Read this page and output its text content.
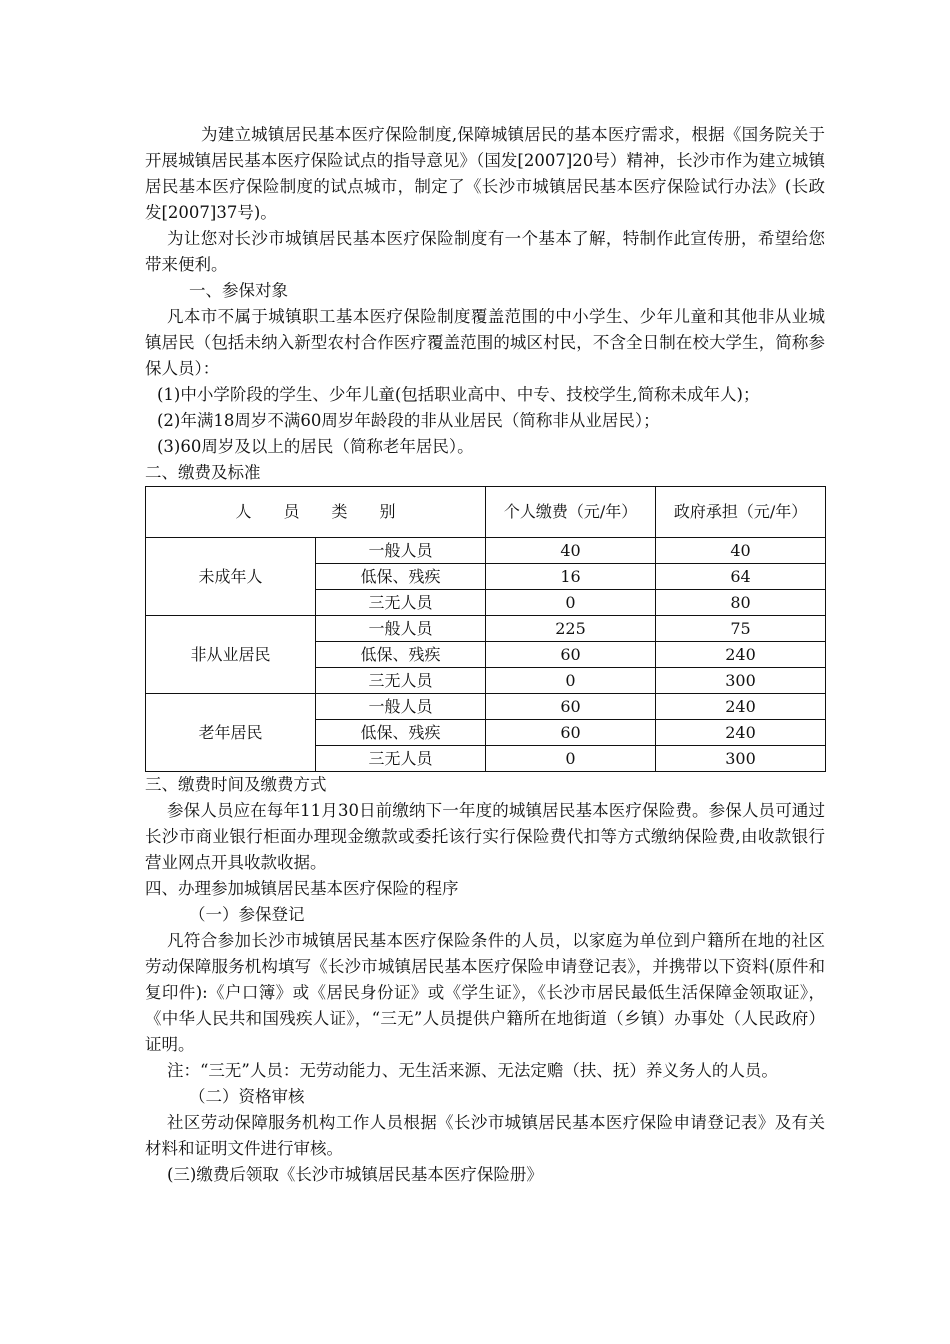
为建立城镇居民基本医疗保险制度,保障城镇居民的基本医疗需求，根据《国务院关于开展城镇居民基本医疗保险试点的指导意见》（国发[2007]20号）精神，长沙市作为建立城镇居民基本医疗保险制度的试点城市，制定了《长沙市城镇居民基本医疗保险试行办法》(长政发[2007]37号)。

为让您对长沙市城镇居民基本医疗保险制度有一个基本了解，特制作此宣传册，希望给您带来便利。

一、参保对象

凡本市不属于城镇职工基本医疗保险制度覆盖范围的中小学生、少年儿童和其他非从业城镇居民（包括未纳入新型农村合作医疗覆盖范围的城区村民，不含全日制在校大学生，简称参保人员）：

(1)中小学阶段的学生、少年儿童(包括职业高中、中专、技校学生,简称未成年人)；

(2)年满18周岁不满60周岁年龄段的非从业居民（简称非从业居民）；

(3)60周岁及以上的居民（简称老年居民）。

二、缴费及标准

人员类别		个人缴费（元/年）	政府承担（元/年）
未成年人	一般人员	40	40
	低保、残疾	16	64
	三无人员	0	80
非从业居民	一般人员	225	75
	低保、残疾	60	240
	三无人员	0	300
老年居民	一般人员	60	240
	低保、残疾	60	240
	三无人员	0	300

三、缴费时间及缴费方式

参保人员应在每年11月30日前缴纳下一年度的城镇居民基本医疗保险费。参保人员可通过长沙市商业银行柜面办理现金缴款或委托该行实行保险费代扣等方式缴纳保险费,由收款银行营业网点开具收款收据。

四、办理参加城镇居民基本医疗保险的程序

（一）参保登记

凡符合参加长沙市城镇居民基本医疗保险条件的人员，以家庭为单位到户籍所在地的社区劳动保障服务机构填写《长沙市城镇居民基本医疗保险申请登记表》，并携带以下资料(原件和复印件):《户口簿》或《居民身份证》或《学生证》，《长沙市居民最低生活保障金领取证》，《中华人民共和国残疾人证》，“三无”人员提供户籍所在地街道（乡镇）办事处（人民政府）证明。

注：“三无”人员：无劳动能力、无生活来源、无法定赡（扶、抚）养义务人的人员。

（二）资格审核

社区劳动保障服务机构工作人员根据《长沙市城镇居民基本医疗保险申请登记表》及有关材料和证明文件进行审核。

(三)缴费后领取《长沙市城镇居民基本医疗保险册》
